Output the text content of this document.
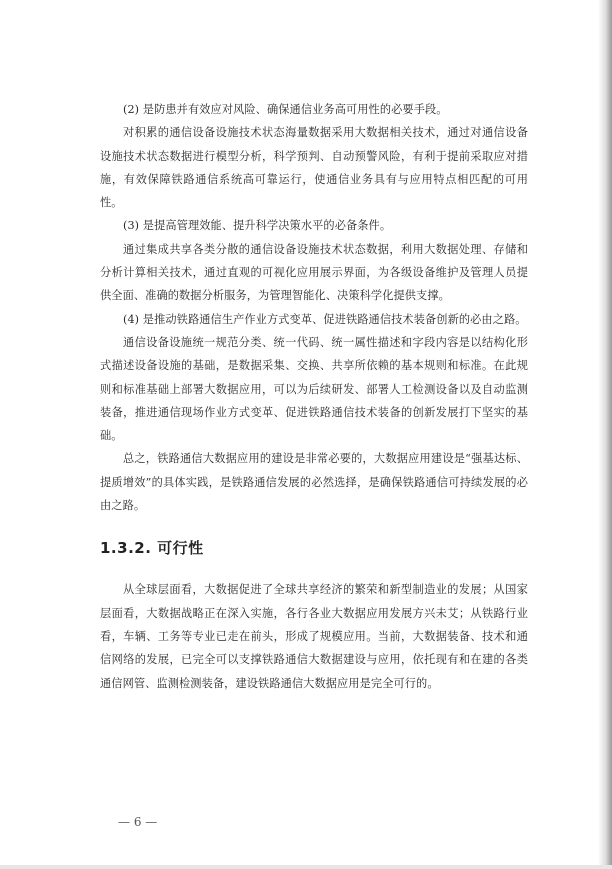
(2) 是防患并有效应对风险、确保通信业务高可用性的必要手段。

对积累的通信设备设施技术状态海量数据采用大数据相关技术，通过对通信设备设施技术状态数据进行模型分析，科学预判、自动预警风险，有利于提前采取应对措施，有效保障铁路通信系统高可靠运行，使通信业务具有与应用特点相匹配的可用性。

(3) 是提高管理效能、提升科学决策水平的必备条件。

通过集成共享各类分散的通信设备设施技术状态数据，利用大数据处理、存储和分析计算相关技术，通过直观的可视化应用展示界面，为各级设备维护及管理人员提供全面、准确的数据分析服务，为管理智能化、决策科学化提供支撑。

(4) 是推动铁路通信生产作业方式变革、促进铁路通信技术装备创新的必由之路。

通信设备设施统一规范分类、统一代码、统一属性描述和字段内容是以结构化形式描述设备设施的基础，是数据采集、交换、共享所依赖的基本规则和标准。在此规则和标准基础上部署大数据应用，可以为后续研发、部署人工检测设备以及自动监测装备，推进通信现场作业方式变革、促进铁路通信技术装备的创新发展打下坚实的基础。

总之，铁路通信大数据应用的建设是非常必要的，大数据应用建设是“强基达标、提质增效”的具体实践，是铁路通信发展的必然选择，是确保铁路通信可持续发展的必由之路。

1.3.2. 可行性

从全球层面看，大数据促进了全球共享经济的繁荣和新型制造业的发展；从国家层面看，大数据战略正在深入实施，各行各业大数据应用发展方兴未艾；从铁路行业看，车辆、工务等专业已走在前头，形成了规模应用。当前，大数据装备、技术和通信网络的发展，已完全可以支撑铁路通信大数据建设与应用，依托现有和在建的各类通信网管、监测检测装备，建设铁路通信大数据应用是完全可行的。

— 6 —
